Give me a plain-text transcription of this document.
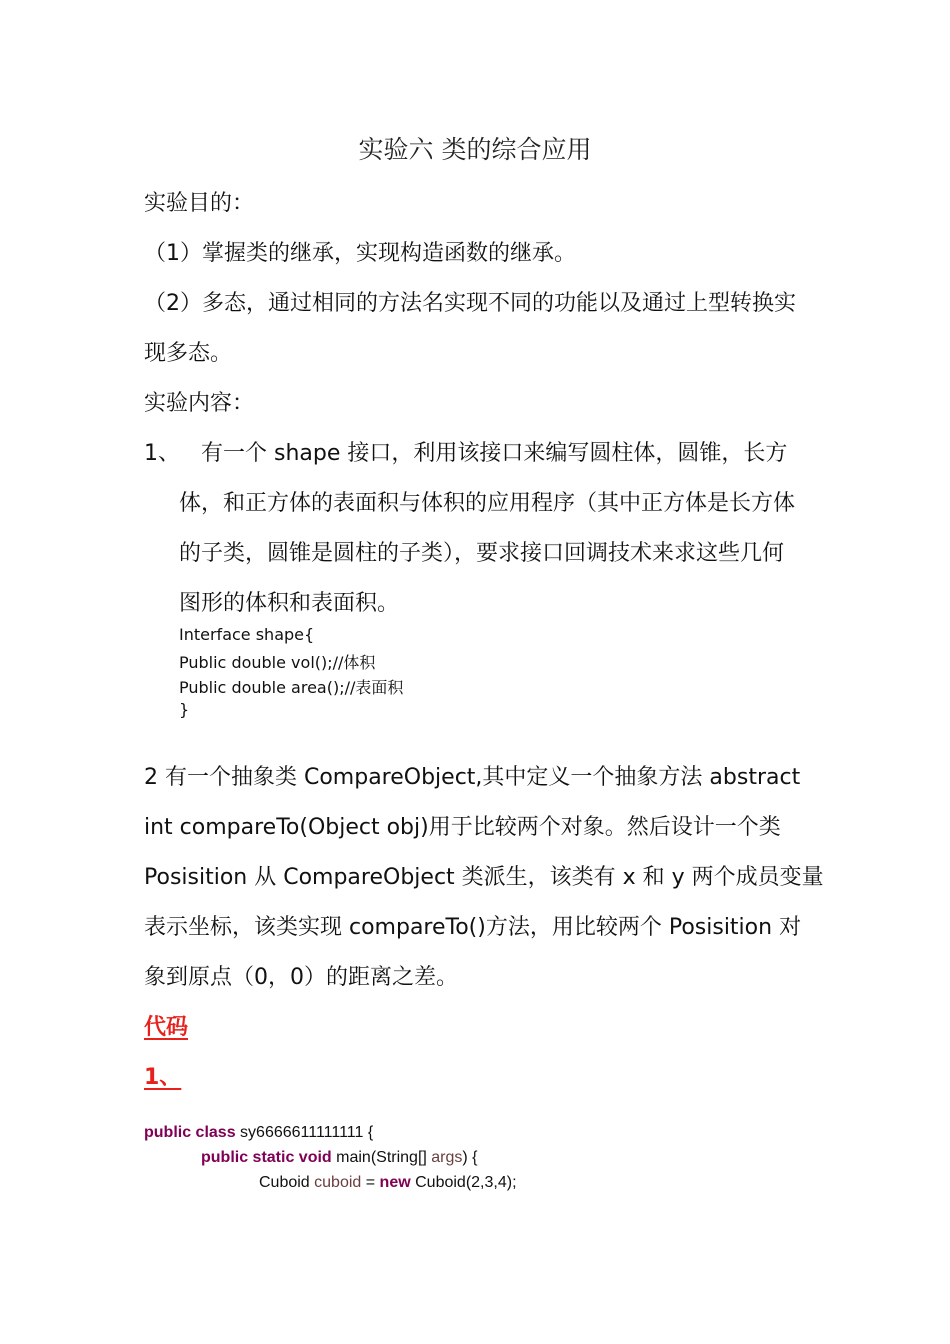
实验六 类的综合应用
实验目的：
（1）掌握类的继承，实现构造函数的继承。
（2）多态，通过相同的方法名实现不同的功能以及通过上型转换实
现多态。
实验内容：
1、 有一个 shape 接口，利用该接口来编写圆柱体，圆锥，长方
体，和正方体的表面积与体积的应用程序（其中正方体是长方体
的子类，圆锥是圆柱的子类），要求接口回调技术来求这些几何
图形的体积和表面积。
Interface shape{
Public double vol();//体积
Public double area();//表面积
}
2 有一个抽象类 CompareObject,其中定义一个抽象方法 abstract
int compareTo(Object obj)用于比较两个对象。然后设计一个类
Posisition 从 CompareObject 类派生，该类有 x 和 y 两个成员变量
表示坐标，该类实现 compareTo()方法，用比较两个 Posisition 对
象到原点（0，0）的距离之差。
代码
1、
public class sy6666611111111 {
public static void main(String[] args) {
Cuboid cuboid = new Cuboid(2,3,4);
